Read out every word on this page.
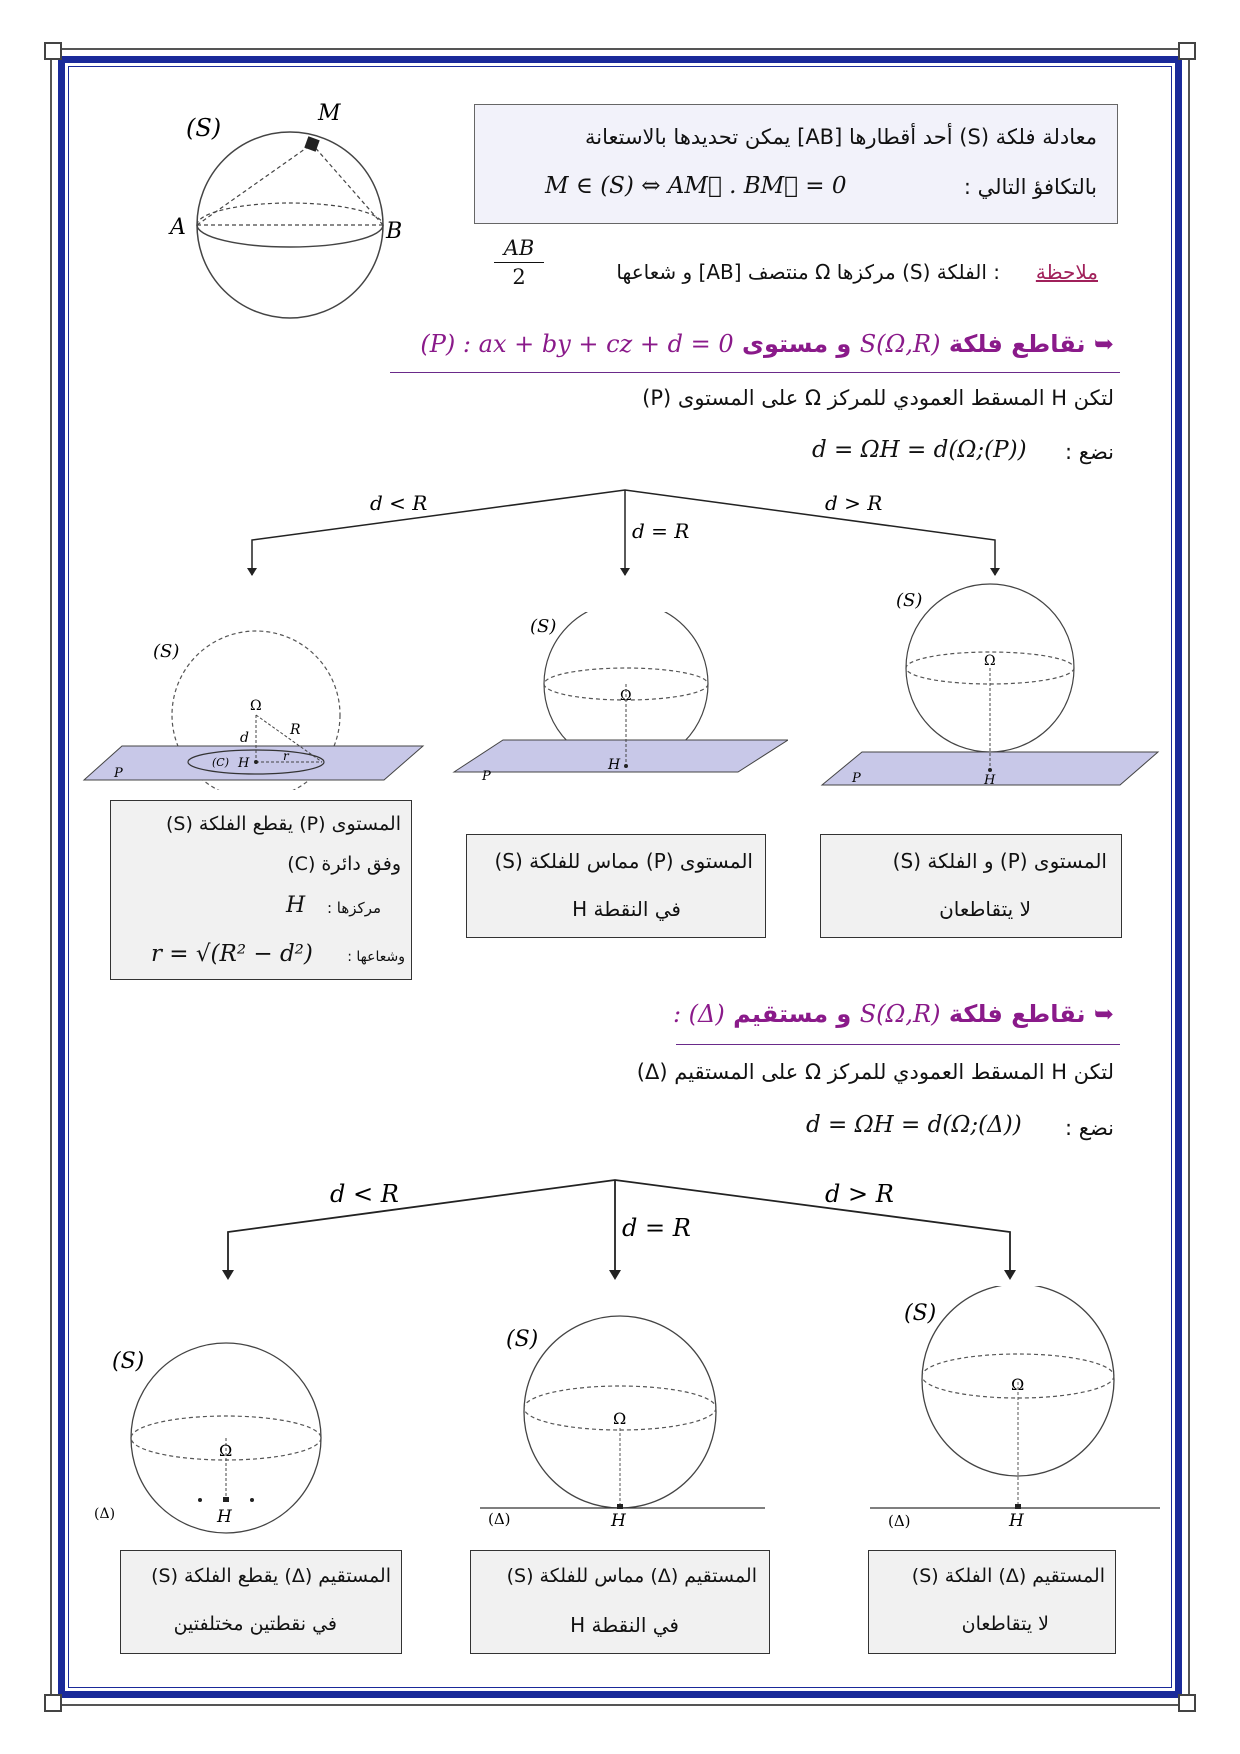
(S)
M
A	B
معادلة فلكة (S) أحد أقطارها [AB] يمكن تحديدها بالاستعانة
بالتكافؤ التالي :
M ∈ (S) ⇔ AM⃗ . BM⃗ = 0
ملاحظة
: الفلكة (S) مركزها Ω منتصف [AB] و شعاعها
$\frac{AB}{2}$
➥ نقاطع فلكة S(Ω,R) و مستوى (P) : ax + by + cz + d = 0
لتكن H المسقط العمودي للمركز Ω على المستوى (P)
نضع :
d = ΩH = d(Ω;(P))
d < R
d = R
d > R
(S)
Ω
d	R
H
(C)	r
P
(S)
Ω
H
P
(S)
Ω
H
P
المستوى (P) يقطع الفلكة (S)
وفق دائرة (C)
مركزها :
H
وشعاعها :
r = √(R² − d²)
المستوى (P) مماس للفلكة (S)
في النقطة H
المستوى (P) و الفلكة (S)
لا يتقاطعان
➥ نقاطع فلكة S(Ω,R) و مستقيم (Δ) :
لتكن H المسقط العمودي للمركز Ω على المستقيم (Δ)
نضع :
d = ΩH = d(Ω;(Δ))
d < R
d = R
d > R
(S)
Ω
H
(Δ)
(S)
Ω
H
(Δ)
(S)
Ω
H
(Δ)
المستقيم (Δ) يقطع الفلكة (S)
في نقطتين مختلفتين
المستقيم (Δ) مماس للفلكة (S)
في النقطة H
المستقيم (Δ) الفلكة (S)
لا يتقاطعان
